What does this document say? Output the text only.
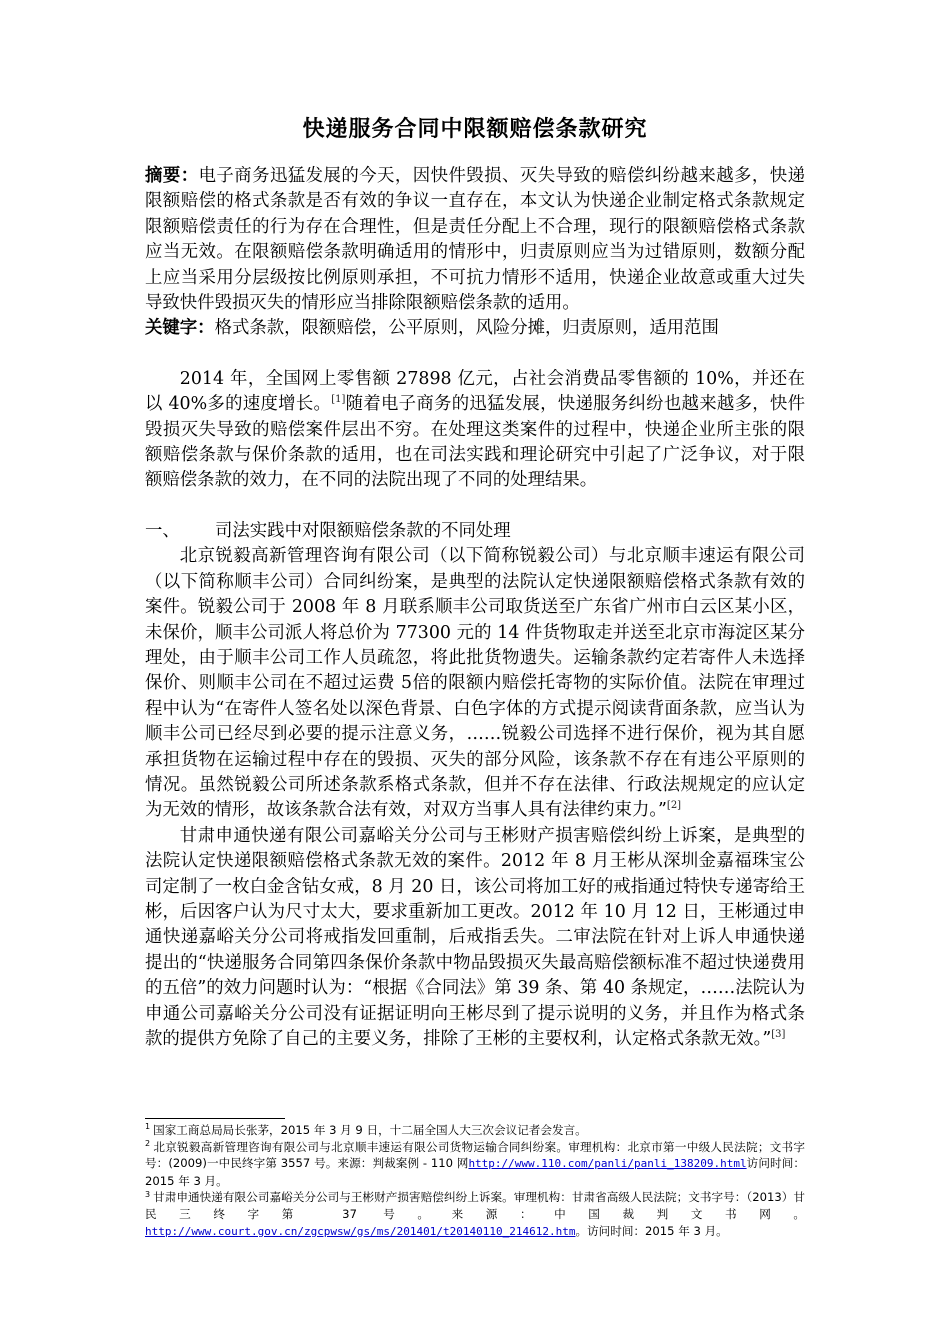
快递服务合同中限额赔偿条款研究

摘要：电子商务迅猛发展的今天，因快件毁损、灭失导致的赔偿纠纷越来越多，快递限额赔偿的格式条款是否有效的争议一直存在，本文认为快递企业制定格式条款规定限额赔偿责任的行为存在合理性，但是责任分配上不合理，现行的限额赔偿格式条款应当无效。在限额赔偿条款明确适用的情形中，归责原则应当为过错原则，数额分配上应当采用分层级按比例原则承担，不可抗力情形不适用，快递企业故意或重大过失导致快件毁损灭失的情形应当排除限额赔偿条款的适用。

关键字：格式条款，限额赔偿，公平原则，风险分摊，归责原则，适用范围

2014 年，全国网上零售额 27898 亿元，占社会消费品零售额的 10%，并还在以 40%多的速度增长。[1]随着电子商务的迅猛发展，快递服务纠纷也越来越多，快件毁损灭失导致的赔偿案件层出不穷。在处理这类案件的过程中，快递企业所主张的限额赔偿条款与保价条款的适用，也在司法实践和理论研究中引起了广泛争议，对于限额赔偿条款的效力，在不同的法院出现了不同的处理结果。

一、 司法实践中对限额赔偿条款的不同处理

北京锐毅高新管理咨询有限公司（以下简称锐毅公司）与北京顺丰速运有限公司（以下简称顺丰公司）合同纠纷案，是典型的法院认定快递限额赔偿格式条款有效的案件。锐毅公司于 2008 年 8 月联系顺丰公司取货送至广东省广州市白云区某小区，未保价，顺丰公司派人将总价为 77300 元的 14 件货物取走并送至北京市海淀区某分理处，由于顺丰公司工作人员疏忽，将此批货物遗失。运输条款约定若寄件人未选择保价、则顺丰公司在不超过运费 5倍的限额内赔偿托寄物的实际价值。法院在审理过程中认为“在寄件人签名处以深色背景、白色字体的方式提示阅读背面条款，应当认为顺丰公司已经尽到必要的提示注意义务，……锐毅公司选择不进行保价，视为其自愿承担货物在运输过程中存在的毁损、灭失的部分风险，该条款不存在有违公平原则的情况。虽然锐毅公司所述条款系格式条款，但并不存在法律、行政法规规定的应认定为无效的情形，故该条款合法有效，对双方当事人具有法律约束力。”[2]

甘肃申通快递有限公司嘉峪关分公司与王彬财产损害赔偿纠纷上诉案，是典型的法院认定快递限额赔偿格式条款无效的案件。2012 年 8 月王彬从深圳金嘉福珠宝公司定制了一枚白金含钻女戒，8 月 20 日，该公司将加工好的戒指通过特快专递寄给王彬，后因客户认为尺寸太大，要求重新加工更改。2012 年 10 月 12 日，王彬通过申通快递嘉峪关分公司将戒指发回重制，后戒指丢失。二审法院在针对上诉人申通快递提出的“快递服务合同第四条保价条款中物品毁损灭失最高赔偿额标准不超过快递费用的五倍”的效力问题时认为：“根据《合同法》第 39 条、第 40 条规定，……法院认为申通公司嘉峪关分公司没有证据证明向王彬尽到了提示说明的义务，并且作为格式条款的提供方免除了自己的主要义务，排除了王彬的主要权利，认定格式条款无效。”[3]

$^1$ 国家工商总局局长张茅，2015 年 3 月 9 日，十二届全国人大三次会议记者会发言。

$^2$ 北京锐毅高新管理咨询有限公司与北京顺丰速运有限公司货物运输合同纠纷案。审理机构：北京市第一中级人民法院；文书字号：(2009)一中民终字第 3557 号。来源：判裁案例 - 110 网http://www.110.com/panli/panli_138209.html访问时间：2015 年 3 月。

$^3$ 甘肃申通快递有限公司嘉峪关分公司与王彬财产损害赔偿纠纷上诉案。审理机构：甘肃省高级人民法院；文书字号：（2013）甘民三终字第 37 号。来源：中国裁判文书网。http://www.court.gov.cn/zgcpwsw/gs/ms/201401/t20140110_214612.htm。访问时间：2015 年 3 月。
